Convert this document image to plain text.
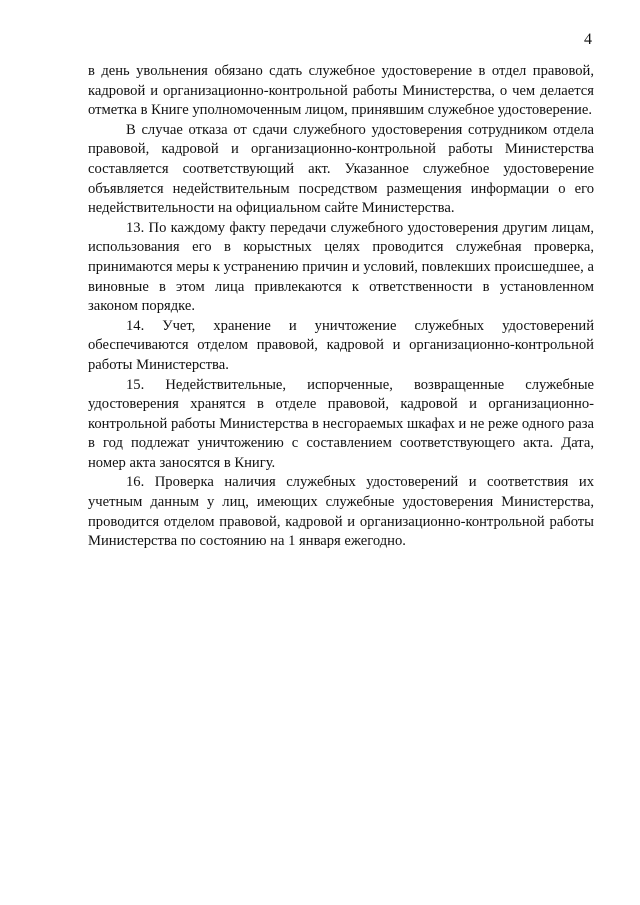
4

в день увольнения обязано сдать служебное удостоверение в отдел правовой, кадровой и организационно-контрольной работы Министерства, о чем делается отметка в Книге уполномоченным лицом, принявшим служебное удостоверение.

В случае отказа от сдачи служебного удостоверения сотрудником отдела правовой, кадровой и организационно-контрольной работы Министерства составляется соответствующий акт. Указанное служебное удостоверение объявляется недействительным посредством размещения информации о его недействительности на официальном сайте Министерства.

13. По каждому факту передачи служебного удостоверения другим лицам, использования его в корыстных целях проводится служебная проверка, принимаются меры к устранению причин и условий, повлекших происшедшее, а виновные в этом лица привлекаются к ответственности в установленном законом порядке.

14. Учет, хранение и уничтожение служебных удостоверений обеспечиваются отделом правовой, кадровой и организационно-контрольной работы Министерства.

15. Недействительные, испорченные, возвращенные служебные удостоверения хранятся в отделе правовой, кадровой и организационно-контрольной работы Министерства в несгораемых шкафах и не реже одного раза в год подлежат уничтожению с составлением соответствующего акта. Дата, номер акта заносятся в Книгу.

16. Проверка наличия служебных удостоверений и соответствия их учетным данным у лиц, имеющих служебные удостоверения Министерства, проводится отделом правовой, кадровой и организационно-контрольной работы Министерства по состоянию на 1 января ежегодно.
